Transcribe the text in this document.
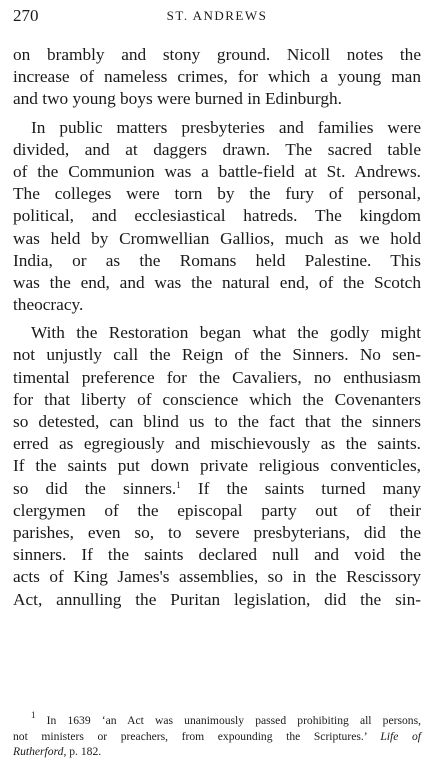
270	ST. ANDREWS
on brambly and stony ground. Nicoll notes the
increase of nameless crimes, for which a young man
and two young boys were burned in Edinburgh.
In public matters presbyteries and families were
divided, and at daggers drawn. The sacred table
of the Communion was a battle-field at St. Andrews.
The colleges were torn by the fury of personal,
political, and ecclesiastical hatreds. The kingdom
was held by Cromwellian Gallios, much as we hold
India, or as the Romans held Palestine. This
was the end, and was the natural end, of the Scotch
theocracy.
With the Restoration began what the godly might
not unjustly call the Reign of the Sinners. No sen-
timental preference for the Cavaliers, no enthusiasm
for that liberty of conscience which the Covenanters
so detested, can blind us to the fact that the sinners
erred as egregiously and mischievously as the saints.
If the saints put down private religious conventicles,
so did the sinners.$^1$ If the saints turned many
clergymen of the episcopal party out of their
parishes, even so, to severe presbyterians, did the
sinners. If the saints declared null and void the
acts of King James's assemblies, so in the Rescissory
Act, annulling the Puritan legislation, did the sin-
$^1$ In 1639 ‘an Act was unanimously passed prohibiting all persons,
not ministers or preachers, from expounding the Scriptures.’ Life of
Rutherford, p. 182.
